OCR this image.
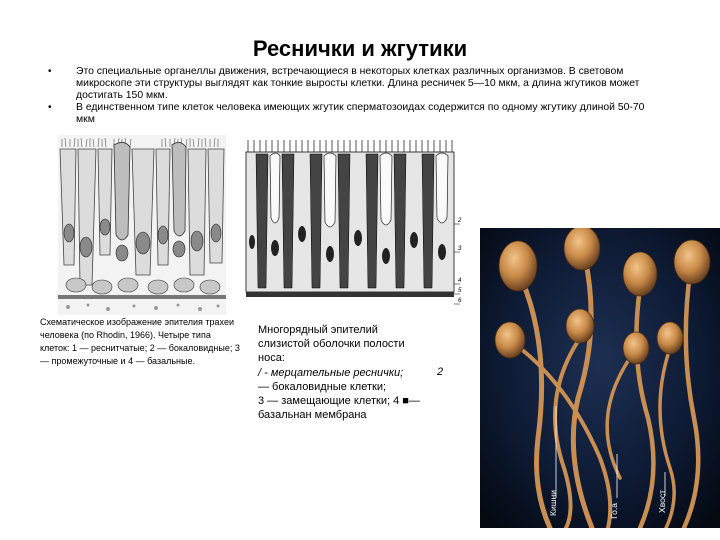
Реснички и жгутики
• Это специальные органеллы движения, встречающиеся в некоторых клетках различных организмов. В световом микроскопе эти структуры выглядят как тонкие выросты клетки. Длина ресничек 5—10 мкм, а длина жгутиков может достигать 150 мкм.
• В единственном типе клеток человека имеющих жгутик сперматозоидах содержится по одному жгутику длиной 50-70 мкм
Схематическое изображение эпителия трахеи человека (по Rhodin, 1966). Четыре типа клеток: 1 — реснитчатые; 2 — бокаловидные; 3 — промежуточные и 4 — базальные.
2
3
4
5
6
Многорядный эпителий
слизистой оболочки полости
носа:
/ - мерцательные реснички;
— бокаловидные клетки;
3 — замещающие клетки; 4 ■—
базальнан мембрана
2
Кишни	Го.а	Хвост
